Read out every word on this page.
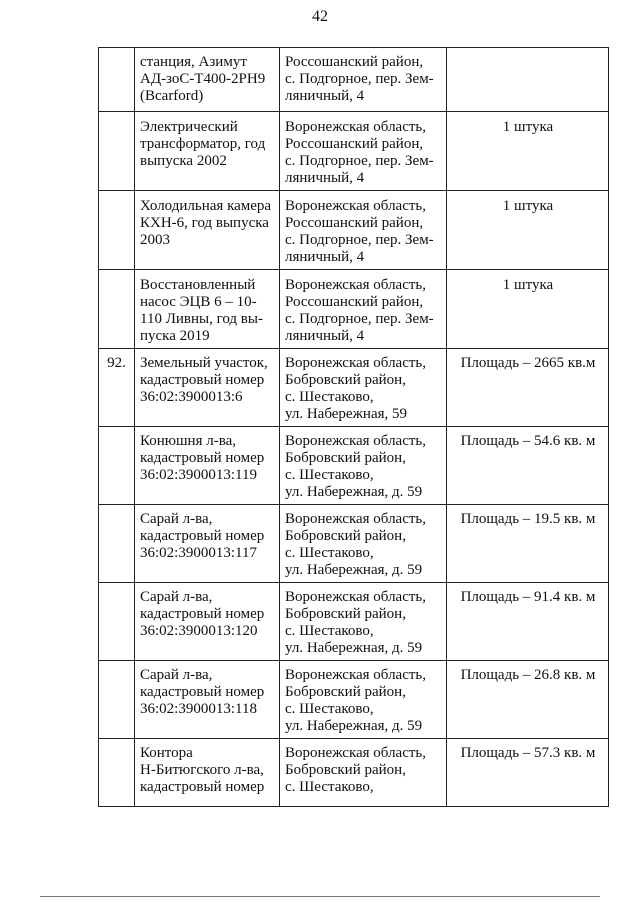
42

	станция, Азимут
АД-зоС-Т400-2РН9
(Bcarford)	Россошанский район,
с. Подгорное, пер. Зем-
ляничный, 4	

	Электрический
трансформатор, год
выпуска 2002	Воронежская область,
Россошанский район,
с. Подгорное, пер. Зем-
ляничный, 4	1 штука

	Холодильная камера
КХН-6, год выпуска
2003	Воронежская область,
Россошанский район,
с. Подгорное, пер. Зем-
ляничный, 4	1 штука

	Восстановленный
насос ЭЦВ 6 – 10-
110 Ливны, год вы-
пуска 2019	Воронежская область,
Россошанский район,
с. Подгорное, пер. Зем-
ляничный, 4	1 штука
92.	Земельный участок,
кадастровый номер
36:02:3900013:6	Воронежская область,
Бобровский район,
с. Шестаково,
ул. Набережная, 59	Площадь – 2665 кв.м

	Конюшня л-ва,
кадастровый номер
36:02:3900013:119	Воронежская область,
Бобровский район,
с. Шестаково,
ул. Набережная, д. 59	Площадь – 54.6 кв. м

	Сарай л-ва,
кадастровый номер
36:02:3900013:117	Воронежская область,
Бобровский район,
с. Шестаково,
ул. Набережная, д. 59	Площадь – 19.5 кв. м

	Сарай л-ва,
кадастровый номер
36:02:3900013:120	Воронежская область,
Бобровский район,
с. Шестаково,
ул. Набережная, д. 59	Площадь – 91.4 кв. м

	Сарай л-ва,
кадастровый номер
36:02:3900013:118	Воронежская область,
Бобровский район,
с. Шестаково,
ул. Набережная, д. 59	Площадь – 26.8 кв. м

	Контора
Н-Битюгского л-ва,
кадастровый номер	Воронежская область,
Бобровский район,
с. Шестаково,	Площадь – 57.3 кв. м
